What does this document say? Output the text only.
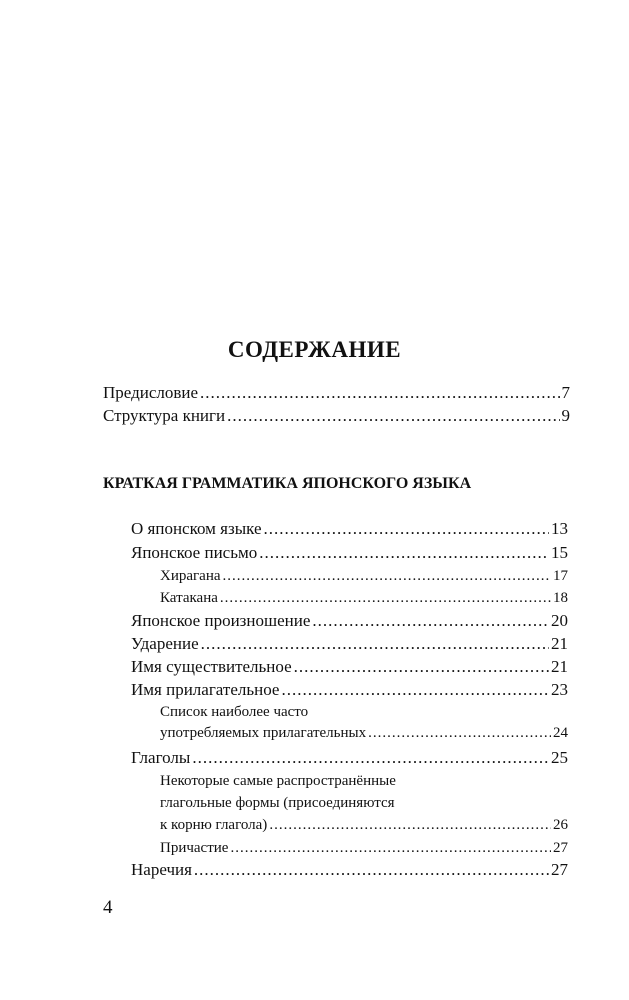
СОДЕРЖАНИЕ
Предисловие .....	7
Структура книги .....	9
КРАТКАЯ ГРАММАТИКА ЯПОНСКОГО ЯЗЫКА
О японском языке .....	13
Японское письмо .....	15
Хирагана .....	17
Катакана .....	18
Японское произношение .....	20
Ударение .....	21
Имя существительное .....	21
Имя прилагательное .....	23
Список наиболее часто
употребляемых прилагательных .....	24
Глаголы .....	25
Некоторые самые распространённые
глагольные формы (присоединяются
к корню глагола) .....	26
Причастие .....	27
Наречия .....	27
4
